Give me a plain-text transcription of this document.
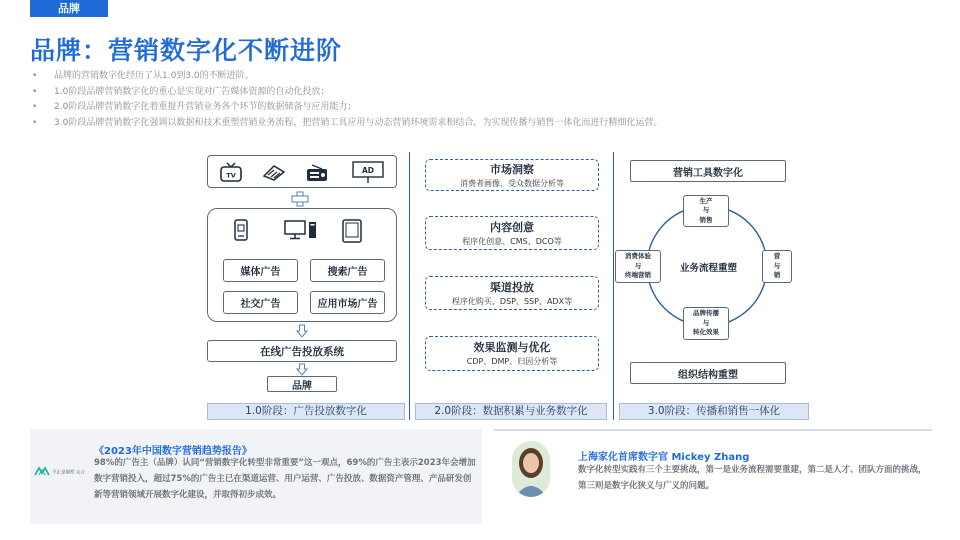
品牌
品牌：营销数字化不断进阶
• 品牌的营销数字化经历了从1.0到3.0的不断进阶。
• 1.0阶段品牌营销数字化的重心是实现对广告媒体资源的自动化投放；
• 2.0阶段品牌营销数字化着重提升营销业务各个环节的数据储备与应用能力；
• 3.0阶段品牌营销数字化强调以数据和技术重塑营销业务流程，把营销工具应用与动态营销环境需求相结合，为实现传播与销售一体化而进行精细化运营。
TV
AD
媒体广告	搜索广告
社交广告	应用市场广告
在线广告投放系统
品牌
1.0阶段：广告投放数字化
市场洞察
消费者画像、受众数据分析等
内容创意
程序化创意、CMS、DCO等
渠道投放
程序化购买、DSP、SSP、ADX等
效果监测与优化
CDP、DMP、归因分析等
2.0阶段：数据积累与业务数字化
营销工具数字化
业务流程重塑
生产
与
销售
消费体验
与
终端营销
营
与
销
品牌传播
与
转化效果
组织结构重塑
3.0阶段：传播和销售一体化
不止是洞察 众合
《2023年中国数字营销趋势报告》
98%的广告主（品牌）认同“营销数字化转型非常重要”这一观点，69%的广告主表示2023年会增加数字营销投入，超过75%的广告主已在渠道运营、用户运营、广告投放、数据资产管理、产品研发创新等营销领域开展数字化建设，并取得初步成效。
上海家化首席数字官 Mickey Zhang
数字化转型实践有三个主要挑战，第一是业务流程需要重建，第二是人才、团队方面的挑战，第三则是数字化狭义与广义的问题。
